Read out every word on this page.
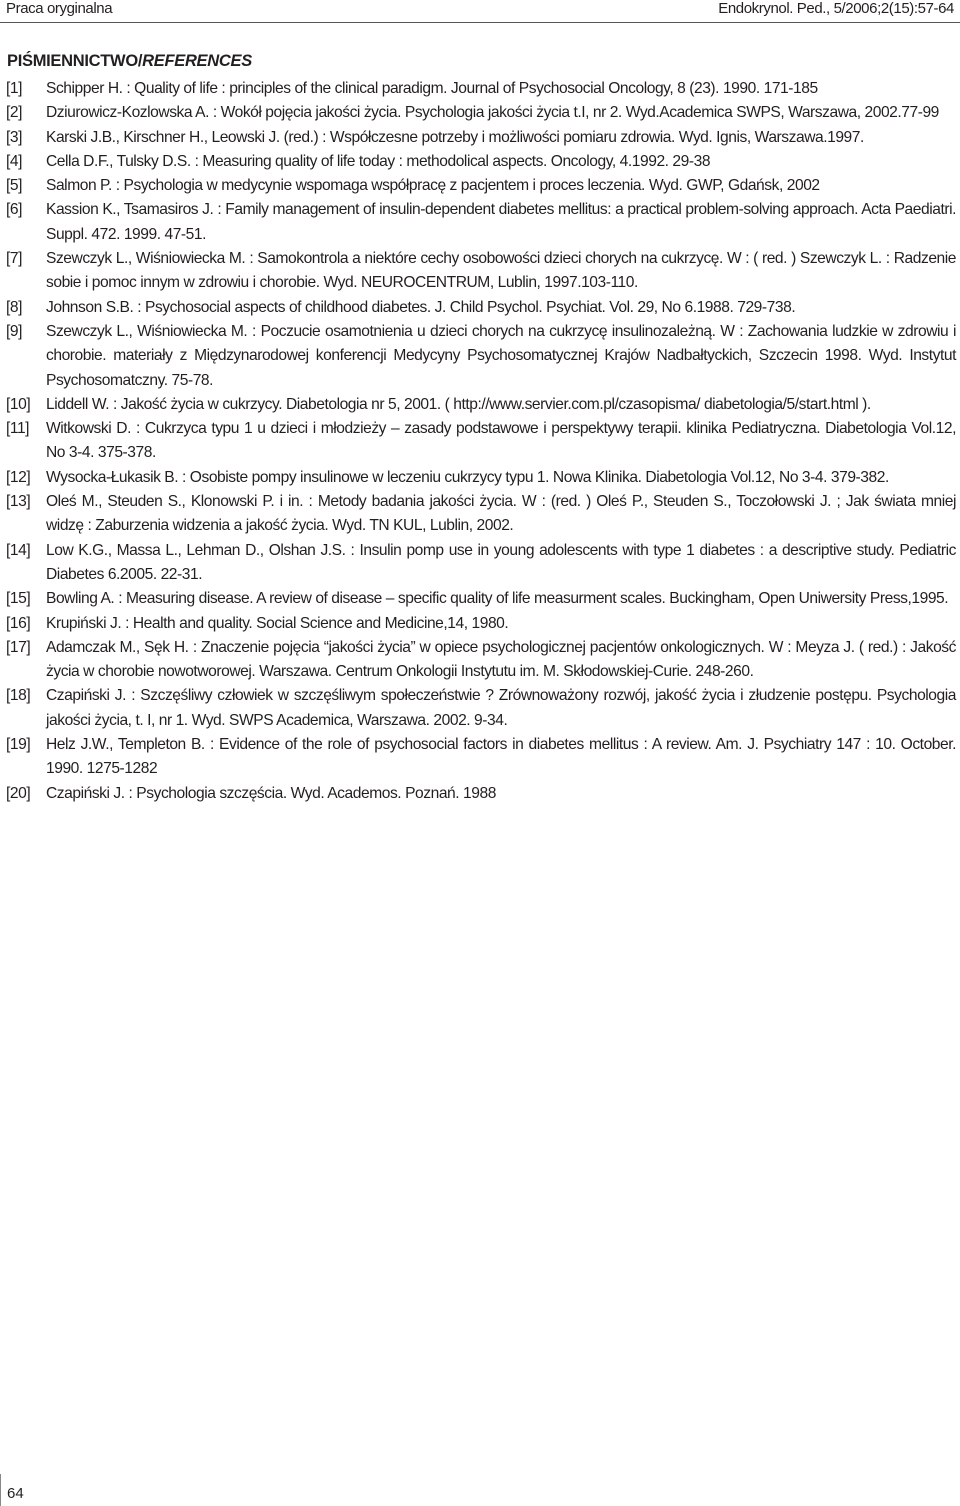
Praca oryginalna	Endokrynol. Ped., 5/2006;2(15):57-64
PIŚMIENNICTWO/REFERENCES
[1]	Schipper H. : Quality of life : principles of the clinical paradigm. Journal of Psychosocial Oncology, 8 (23). 1990. 171-185
[2]	Dziurowicz-Kozlowska A. : Wokół pojęcia jakości życia. Psychologia jakości życia t.I, nr 2. Wyd.Academica SWPS, Warszawa, 2002.77-99
[3]	Karski J.B., Kirschner H., Leowski J. (red.) : Współczesne potrzeby i możliwości pomiaru zdrowia. Wyd. Ignis, Warszawa.1997.
[4]	Cella D.F., Tulsky D.S. : Measuring quality of life today : methodolical aspects. Oncology, 4.1992. 29-38
[5]	Salmon P. : Psychologia w medycynie wspomaga współpracę z pacjentem i proces leczenia. Wyd. GWP, Gdańsk, 2002
[6]	Kassion K., Tsamasiros J. : Family management of insulin-dependent diabetes mellitus: a practical problem-solving approach. Acta Paediatri. Suppl. 472. 1999. 47-51.
[7]	Szewczyk L., Wiśniowiecka M. : Samokontrola a niektóre cechy osobowości dzieci chorych na cukrzycę. W : ( red. ) Szewczyk L. : Radzenie sobie i pomoc innym w zdrowiu i chorobie. Wyd. NEUROCENTRUM, Lublin, 1997.103-110.
[8]	Johnson S.B. : Psychosocial aspects of childhood diabetes. J. Child Psychol. Psychiat. Vol. 29, No 6.1988. 729-738.
[9]	Szewczyk L., Wiśniowiecka M. : Poczucie osamotnienia u dzieci chorych na cukrzycę insulinozależną. W : Zachowania ludzkie w zdrowiu i chorobie. materiały z Międzynarodowej konferencji Medycyny Psychosomatycznej Krajów Nadbałtyckich, Szczecin 1998. Wyd. Instytut Psychosomatczny. 75-78.
[10]	Liddell W. : Jakość życia w cukrzycy. Diabetologia nr 5, 2001. ( http://www.servier.com.pl/czasopisma/ diabetologia/5/start.html ).
[11]	Witkowski D. : Cukrzyca typu 1 u dzieci i młodzieży – zasady podstawowe i perspektywy terapii. klinika Pediatryczna. Diabetologia Vol.12, No 3-4. 375-378.
[12]	Wysocka-Łukasik B. : Osobiste pompy insulinowe w leczeniu cukrzycy typu 1. Nowa Klinika. Diabetologia Vol.12, No 3-4. 379-382.
[13]	Oleś M., Steuden S., Klonowski P. i in. : Metody badania jakości życia. W : (red. ) Oleś P., Steuden S., Toczołowski J. ; Jak świata mniej widzę : Zaburzenia widzenia a jakość życia. Wyd. TN KUL, Lublin, 2002.
[14]	Low K.G., Massa L., Lehman D., Olshan J.S. : Insulin pomp use in young adolescents with type 1 diabetes : a descriptive study. Pediatric Diabetes 6.2005. 22-31.
[15]	Bowling A. : Measuring disease. A review of disease – specific quality of life measurment scales. Buckingham, Open Uniwersity Press,1995.
[16]	Krupiński J. : Health and quality. Social Science and Medicine,14, 1980.
[17]	Adamczak M., Sęk H. : Znaczenie pojęcia “jakości życia” w opiece psychologicznej pacjentów onkologicznych. W : Meyza J. ( red.) : Jakość życia w chorobie nowotworowej. Warszawa. Centrum Onkologii Instytutu im. M. Skłodowskiej-Curie. 248-260.
[18]	Czapiński J. : Szczęśliwy człowiek w szczęśliwym społeczeństwie ? Zrównoważony rozwój, jakość życia i złudzenie postępu. Psychologia jakości życia, t. I, nr 1. Wyd. SWPS Academica, Warszawa. 2002. 9-34.
[19]	Helz J.W., Templeton B. : Evidence of the role of psychosocial factors in diabetes mellitus : A review. Am. J. Psychiatry 147 : 10. October. 1990. 1275-1282
[20]	Czapiński J. : Psychologia szczęścia. Wyd. Academos. Poznań. 1988
64
